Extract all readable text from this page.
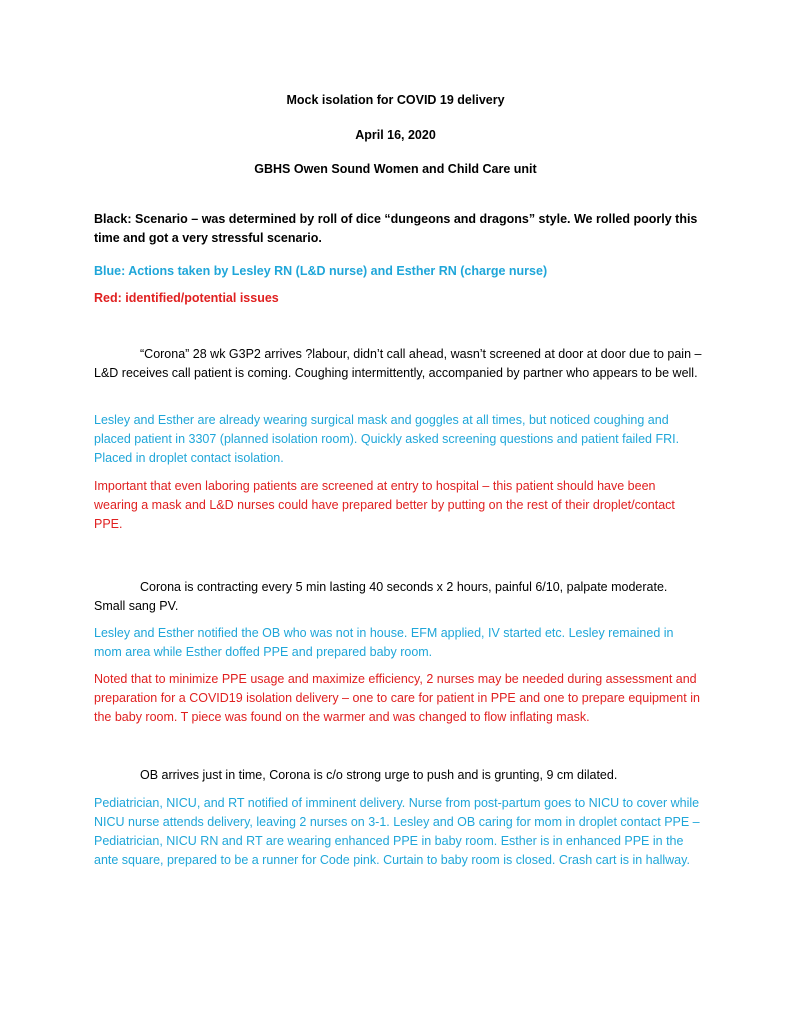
Mock isolation for COVID 19 delivery
April 16, 2020
GBHS Owen Sound Women and Child Care unit

Black: Scenario – was determined by roll of dice “dungeons and dragons” style. We rolled poorly this time and got a very stressful scenario.

Blue: Actions taken by Lesley RN (L&D nurse) and Esther RN (charge nurse)

Red: identified/potential issues

“Corona” 28 wk G3P2 arrives ?labour, didn’t call ahead, wasn’t screened at door at door due to pain – L&D receives call patient is coming. Coughing intermittently, accompanied by partner who appears to be well.

Lesley and Esther are already wearing surgical mask and goggles at all times, but noticed coughing and placed patient in 3307 (planned isolation room). Quickly asked screening questions and patient failed FRI. Placed in droplet contact isolation.

Important that even laboring patients are screened at entry to hospital – this patient should have been wearing a mask and L&D nurses could have prepared better by putting on the rest of their droplet/contact PPE.

Corona is contracting every 5 min lasting 40 seconds x 2 hours, painful 6/10, palpate moderate. Small sang PV.

Lesley and Esther notified the OB who was not in house. EFM applied, IV started etc. Lesley remained in mom area while Esther doffed PPE and prepared baby room.

Noted that to minimize PPE usage and maximize efficiency, 2 nurses may be needed during assessment and preparation for a COVID19 isolation delivery – one to care for patient in PPE and one to prepare equipment in the baby room. T piece was found on the warmer and was changed to flow inflating mask.

OB arrives just in time, Corona is c/o strong urge to push and is grunting, 9 cm dilated.

Pediatrician, NICU, and RT notified of imminent delivery. Nurse from post-partum goes to NICU to cover while NICU nurse attends delivery, leaving 2 nurses on 3-1. Lesley and OB caring for mom in droplet contact PPE –Pediatrician, NICU RN and RT are wearing enhanced PPE in baby room. Esther is in enhanced PPE in the ante square, prepared to be a runner for Code pink. Curtain to baby room is closed. Crash cart is in hallway.
